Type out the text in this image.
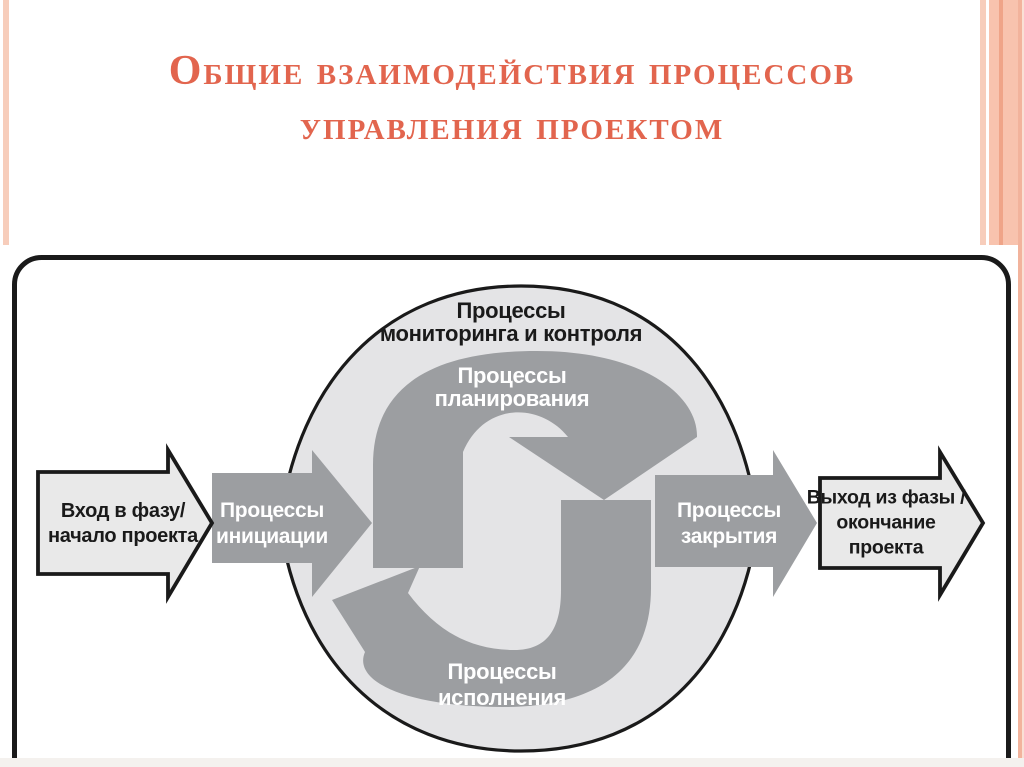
Общие взаимодействия процессов
управления проектом
Вход в фазу/
начало проекта
Процессы
инициации
Процессы
мониторинга и контроля
Процессы
планирования
Процессы
исполнения
Процессы
закрытия
Выход из фазы /
окончание
проекта
